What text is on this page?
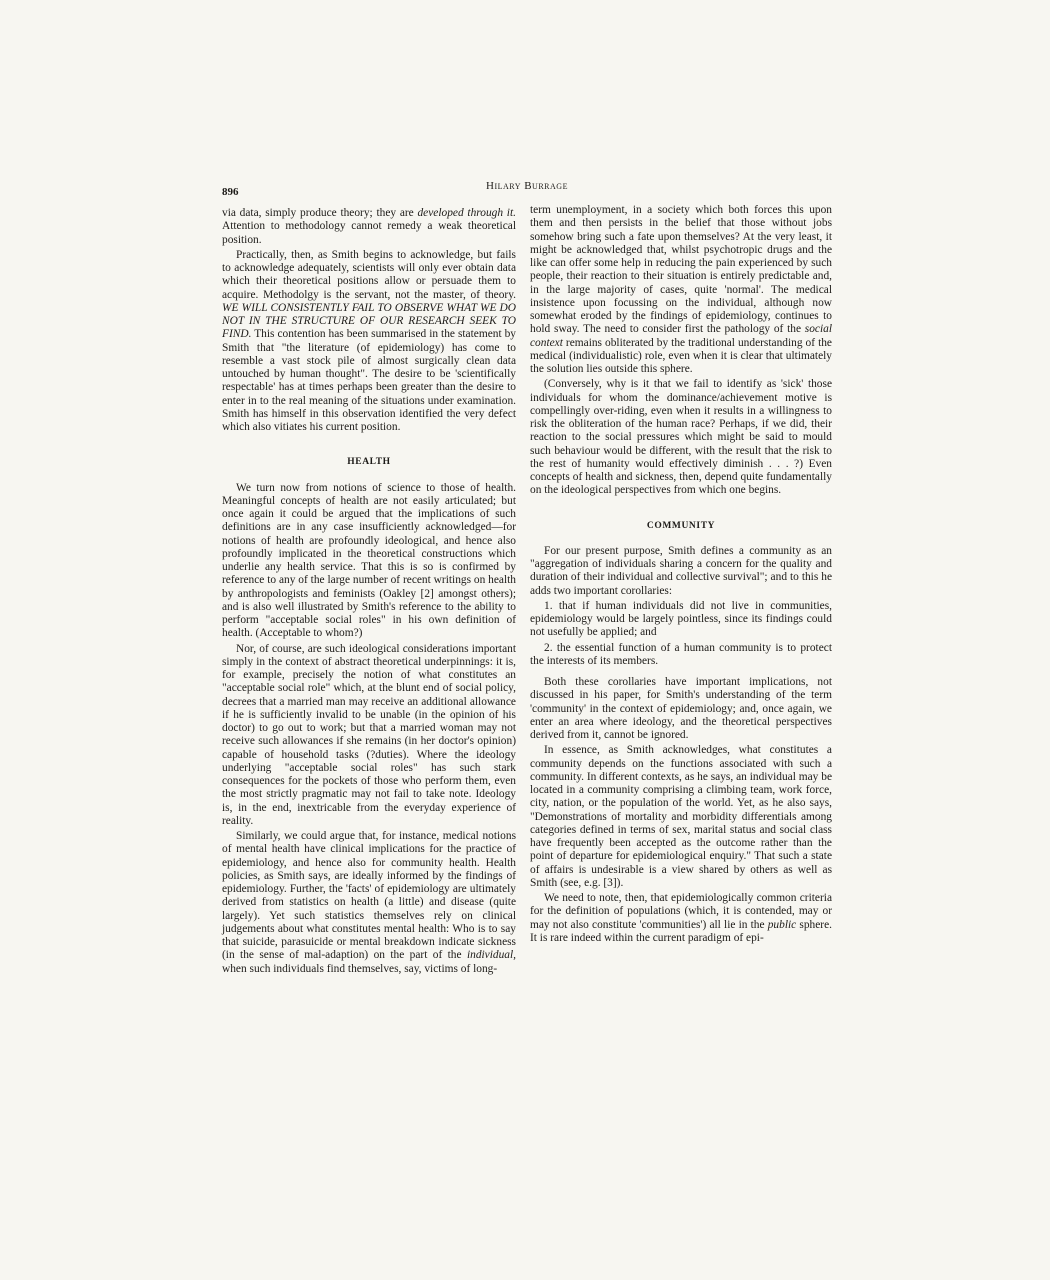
896	Hilary Burrage

via data, simply produce theory; they are developed through it. Attention to methodology cannot remedy a weak theoretical position.

Practically, then, as Smith begins to acknowledge, but fails to acknowledge adequately, scientists will only ever obtain data which their theoretical positions allow or persuade them to acquire. Methodolgy is the servant, not the master, of theory. WE WILL CONSISTENTLY FAIL TO OBSERVE WHAT WE DO NOT IN THE STRUCTURE OF OUR RESEARCH SEEK TO FIND. This contention has been summarised in the statement by Smith that "the literature (of epidemiology) has come to resemble a vast stock pile of almost surgically clean data untouched by human thought". The desire to be 'scientifically respectable' has at times perhaps been greater than the desire to enter in to the real meaning of the situations under examination. Smith has himself in this observation identified the very defect which also vitiates his current position.

HEALTH

We turn now from notions of science to those of health. Meaningful concepts of health are not easily articulated; but once again it could be argued that the implications of such definitions are in any case insufficiently acknowledged—for notions of health are profoundly ideological, and hence also profoundly implicated in the theoretical constructions which underlie any health service. That this is so is confirmed by reference to any of the large number of recent writings on health by anthropologists and feminists (Oakley [2] amongst others); and is also well illustrated by Smith's reference to the ability to perform "acceptable social roles" in his own definition of health. (Acceptable to whom?)

Nor, of course, are such ideological considerations important simply in the context of abstract theoretical underpinnings: it is, for example, precisely the notion of what constitutes an "acceptable social role" which, at the blunt end of social policy, decrees that a married man may receive an additional allowance if he is sufficiently invalid to be unable (in the opinion of his doctor) to go out to work; but that a married woman may not receive such allowances if she remains (in her doctor's opinion) capable of household tasks (?duties). Where the ideology underlying "acceptable social roles" has such stark consequences for the pockets of those who perform them, even the most strictly pragmatic may not fail to take note. Ideology is, in the end, inextricable from the everyday experience of reality.

Similarly, we could argue that, for instance, medical notions of mental health have clinical implications for the practice of epidemiology, and hence also for community health. Health policies, as Smith says, are ideally informed by the findings of epidemiology. Further, the 'facts' of epidemiology are ultimately derived from statistics on health (a little) and disease (quite largely). Yet such statistics themselves rely on clinical judgements about what constitutes mental health: Who is to say that suicide, parasuicide or mental breakdown indicate sickness (in the sense of mal-adaption) on the part of the individual, when such individuals find themselves, say, victims of long-

term unemployment, in a society which both forces this upon them and then persists in the belief that those without jobs somehow bring such a fate upon themselves? At the very least, it might be acknowledged that, whilst psychotropic drugs and the like can offer some help in reducing the pain experienced by such people, their reaction to their situation is entirely predictable and, in the large majority of cases, quite 'normal'. The medical insistence upon focussing on the individual, although now somewhat eroded by the findings of epidemiology, continues to hold sway. The need to consider first the pathology of the social context remains obliterated by the traditional understanding of the medical (individualistic) role, even when it is clear that ultimately the solution lies outside this sphere.

(Conversely, why is it that we fail to identify as 'sick' those individuals for whom the dominance/achievement motive is compellingly over-riding, even when it results in a willingness to risk the obliteration of the human race? Perhaps, if we did, their reaction to the social pressures which might be said to mould such behaviour would be different, with the result that the risk to the rest of humanity would effectively diminish . . . ?) Even concepts of health and sickness, then, depend quite fundamentally on the ideological perspectives from which one begins.

COMMUNITY

For our present purpose, Smith defines a community as an "aggregation of individuals sharing a concern for the quality and duration of their individual and collective survival"; and to this he adds two important corollaries:

1. that if human individuals did not live in communities, epidemiology would be largely pointless, since its findings could not usefully be applied; and

2. the essential function of a human community is to protect the interests of its members.

Both these corollaries have important implications, not discussed in his paper, for Smith's understanding of the term 'community' in the context of epidemiology; and, once again, we enter an area where ideology, and the theoretical perspectives derived from it, cannot be ignored.

In essence, as Smith acknowledges, what constitutes a community depends on the functions associated with such a community. In different contexts, as he says, an individual may be located in a community comprising a climbing team, work force, city, nation, or the population of the world. Yet, as he also says, "Demonstrations of mortality and morbidity differentials among categories defined in terms of sex, marital status and social class have frequently been accepted as the outcome rather than the point of departure for epidemiological enquiry." That such a state of affairs is undesirable is a view shared by others as well as Smith (see, e.g. [3]).

We need to note, then, that epidemiologically common criteria for the definition of populations (which, it is contended, may or may not also constitute 'communities') all lie in the public sphere. It is rare indeed within the current paradigm of epi-
